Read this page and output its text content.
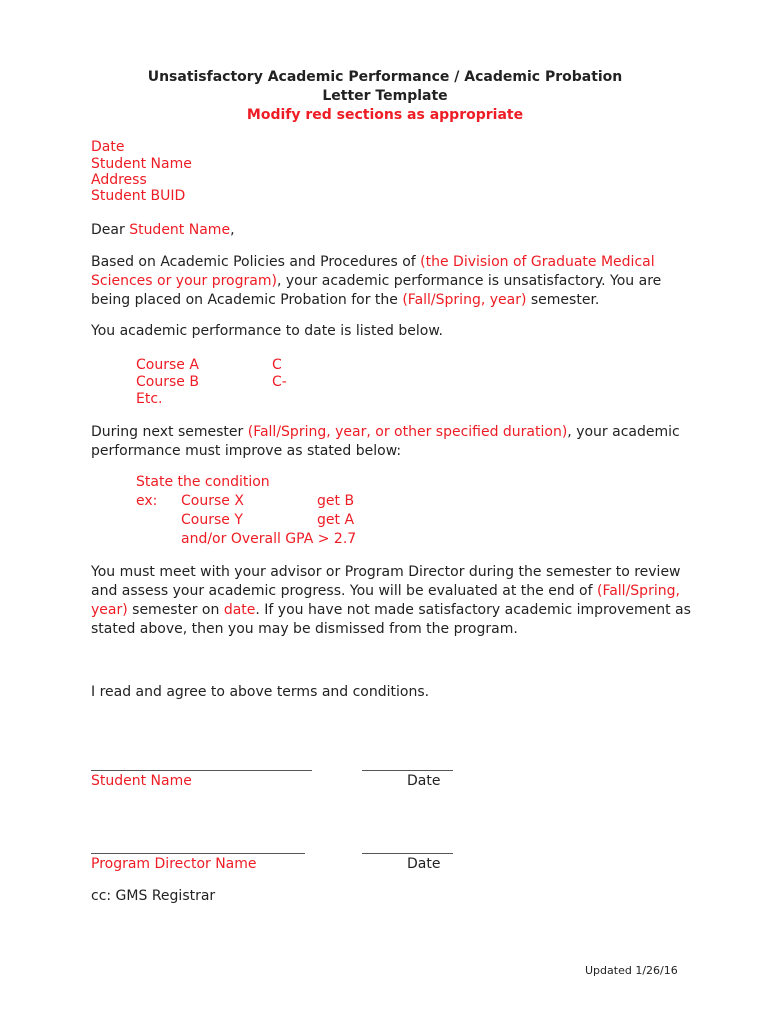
Unsatisfactory Academic Performance / Academic Probation
Letter Template
Modify red sections as appropriate
Date
Student Name
Address
Student BUID
Dear Student Name,
Based on Academic Policies and Procedures of (the Division of Graduate Medical Sciences or your program), your academic performance is unsatisfactory. You are being placed on Academic Probation for the (Fall/Spring, year) semester.
You academic performance to date is listed below.
Course A	C
Course B	C-
Etc.
During next semester (Fall/Spring, year, or other specified duration), your academic performance must improve as stated below:
State the condition
ex: Course X	get B
Course Y	get A
and/or Overall GPA > 2.7
You must meet with your advisor or Program Director during the semester to review and assess your academic progress. You will be evaluated at the end of (Fall/Spring, year) semester on date. If you have not made satisfactory academic improvement as stated above, then you may be dismissed from the program.
I read and agree to above terms and conditions.
Student Name	Date
Program Director Name	Date
cc: GMS Registrar
Updated 1/26/16
